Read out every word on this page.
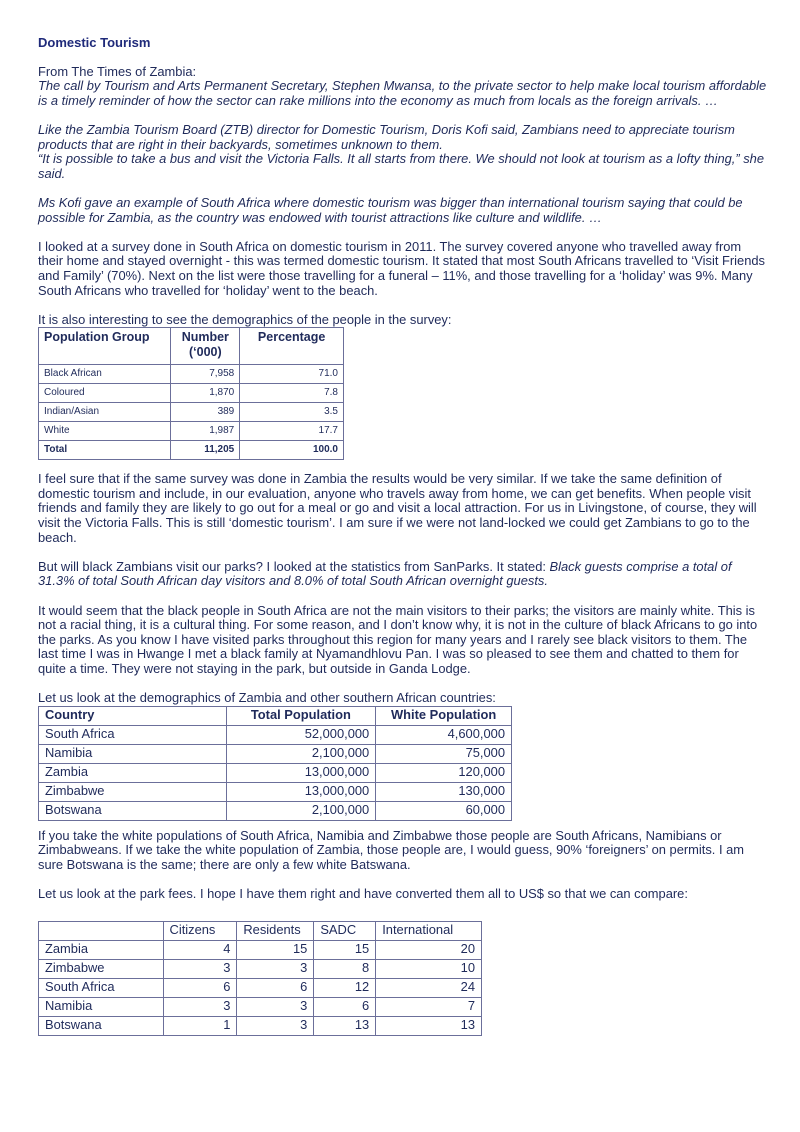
Domestic Tourism

From The Times of Zambia:

The call by Tourism and Arts Permanent Secretary, Stephen Mwansa, to the private sector to help make local tourism affordable is a timely reminder of how the sector can rake millions into the economy as much from locals as the foreign arrivals. …

Like the Zambia Tourism Board (ZTB) director for Domestic Tourism, Doris Kofi said, Zambians need to appreciate tourism products that are right in their backyards, sometimes unknown to them.

“It is possible to take a bus and visit the Victoria Falls. It all starts from there. We should not look at tourism as a lofty thing,” she said.

Ms Kofi gave an example of South Africa where domestic tourism was bigger than international tourism saying that could be possible for Zambia, as the country was endowed with tourist attractions like culture and wildlife. …

I looked at a survey done in South Africa on domestic tourism in 2011. The survey covered anyone who travelled away from their home and stayed overnight - this was termed domestic tourism. It stated that most South Africans travelled to ‘Visit Friends and Family’ (70%). Next on the list were those travelling for a funeral – 11%, and those travelling for a ‘holiday’ was 9%. Many South Africans who travelled for ‘holiday’ went to the beach.

It is also interesting to see the demographics of the people in the survey:

Population Group	Number (‘000)	Percentage
Black African	7,958	71.0
Coloured	1,870	7.8
Indian/Asian	389	3.5
White	1,987	17.7
Total	11,205	100.0

I feel sure that if the same survey was done in Zambia the results would be very similar. If we take the same definition of domestic tourism and include, in our evaluation, anyone who travels away from home, we can get benefits. When people visit friends and family they are likely to go out for a meal or go and visit a local attraction. For us in Livingstone, of course, they will visit the Victoria Falls. This is still ‘domestic tourism’. I am sure if we were not land-locked we could get Zambians to go to the beach.

But will black Zambians visit our parks? I looked at the statistics from SanParks. It stated: Black guests comprise a total of 31.3% of total South African day visitors and 8.0% of total South African overnight guests.

It would seem that the black people in South Africa are not the main visitors to their parks; the visitors are mainly white. This is not a racial thing, it is a cultural thing. For some reason, and I don’t know why, it is not in the culture of black Africans to go into the parks. As you know I have visited parks throughout this region for many years and I rarely see black visitors to them. The last time I was in Hwange I met a black family at Nyamandhlovu Pan. I was so pleased to see them and chatted to them for quite a time. They were not staying in the park, but outside in Ganda Lodge.

Let us look at the demographics of Zambia and other southern African countries:

Country	Total Population	White Population
South Africa	52,000,000	4,600,000
Namibia	2,100,000	75,000
Zambia	13,000,000	120,000
Zimbabwe	13,000,000	130,000
Botswana	2,100,000	60,000

If you take the white populations of South Africa, Namibia and Zimbabwe those people are South Africans, Namibians or Zimbabweans. If we take the white population of Zambia, those people are, I would guess, 90% ‘foreigners’ on permits. I am sure Botswana is the same; there are only a few white Batswana.

Let us look at the park fees. I hope I have them right and have converted them all to US$ so that we can compare:

	Citizens	Residents	SADC	International
Zambia	4	15	15	20
Zimbabwe	3	3	8	10
South Africa	6	6	12	24
Namibia	3	3	6	7
Botswana	1	3	13	13
